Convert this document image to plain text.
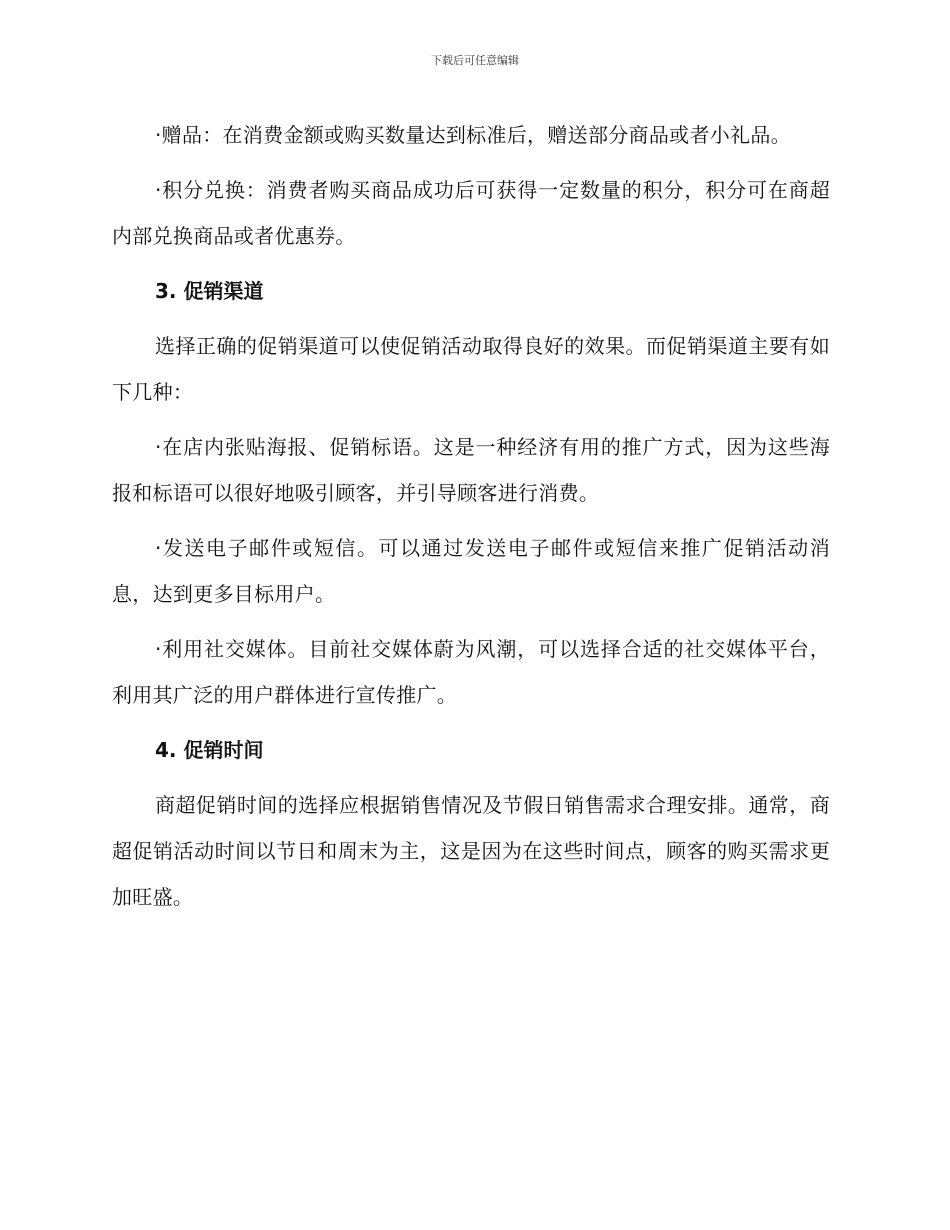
下载后可任意编辑

·赠品：在消费金额或购买数量达到标准后，赠送部分商品或者小礼品。

·积分兑换：消费者购买商品成功后可获得一定数量的积分，积分可在商超内部兑换商品或者优惠券。

3. 促销渠道

选择正确的促销渠道可以使促销活动取得良好的效果。而促销渠道主要有如下几种：

·在店内张贴海报、促销标语。这是一种经济有用的推广方式，因为这些海报和标语可以很好地吸引顾客，并引导顾客进行消费。

·发送电子邮件或短信。可以通过发送电子邮件或短信来推广促销活动消息，达到更多目标用户。

·利用社交媒体。目前社交媒体蔚为风潮，可以选择合适的社交媒体平台，利用其广泛的用户群体进行宣传推广。

4. 促销时间

商超促销时间的选择应根据销售情况及节假日销售需求合理安排。通常，商超促销活动时间以节日和周末为主，这是因为在这些时间点，顾客的购买需求更加旺盛。
